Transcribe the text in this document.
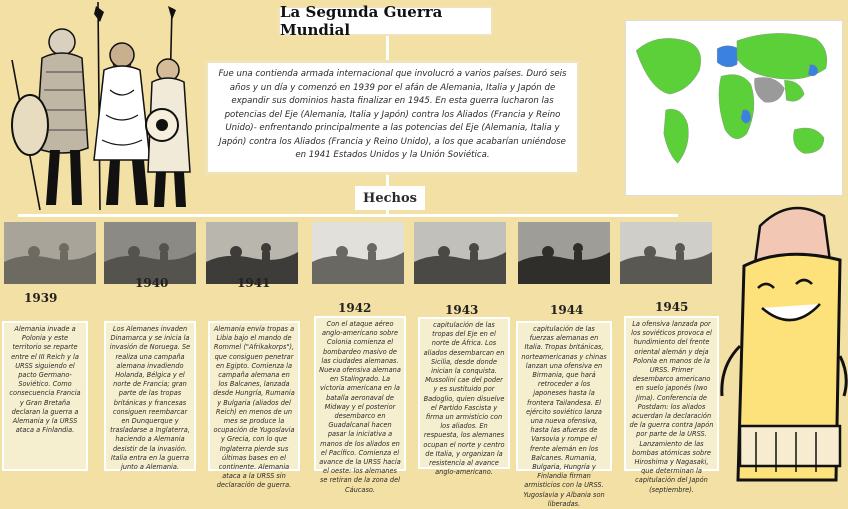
La Segunda Guerra Mundial
Fue una contienda armada internacional que involucró a varios países. Duró seis años y un día y comenzó en 1939 por el afán de Alemania, Italia y Japón de expandir sus dominios hasta finalizar en 1945. En esta guerra lucharon las potencias del Eje (Alemania, Italia y Japón) contra los Aliados (Francia y Reino Unido)- enfrentando principalmente a las potencias del Eje (Alemania, Italia y Japón) contra los Aliados (Francia y Reino Unido), a los que acabarían uniéndose en 1941 Estados Unidos y la Unión Soviética.
Hechos
1939
Alemania invade a Polonia y este territorio se reparte entre el III Reich y la URSS siguiendo el pacto Germano-Soviético. Como consecuencia Francia y Gran Bretaña declaran la guerra a Alemania y la URSS ataca a Finlandia.
1940
Los Alemanes invaden Dinamarca y se inicia la invasión de Noruega. Se realiza una campaña alemana invadiendo Holanda, Bélgica y el norte de Francia; gran parte de las tropas británicas y francesas consiguen reembarcar en Dunquerque y trasladarse a Inglaterra, haciendo a Alemania desistir de la invasión. Italia entra en la guerra junto a Alemania.
1941
Alemania envía tropas a Libia bajo el mando de Rommel ("Afrikakorps"), que consiguen penetrar en Egipto. Comienza la campaña alemana en los Balcanes, lanzada desde Hungría, Rumania y Bulgaria (aliados del Reich) en menos de un mes se produce la ocupación de Yugoslavia y Grecia, con lo que Inglaterra pierde sus últimas bases en el continente. Alemania ataca a la URSS sin declaración de guerra.
1942
Con el ataque aéreo anglo-americano sobre Colonia comienza el bombardeo masivo de las ciudades alemanas. Nueva ofensiva alemana en Stalingrado. La victoria americana en la batalla aeronaval de Midway y el posterior desembarco en Guadalcanal hacen pasar la iniciativa a manos de los aliados en el Pacífico. Comienza el avance de la URSS hacia el oeste: los alemanes se retiran de la zona del Cáucaso.
1943
capitulación de las tropas del Eje en el norte de África. Los aliados desembarcan en Sicilia, desde donde inician la conquista. Mussolini cae del poder y es sustituido por Badoglio, quien disuelve el Partido Fascista y firma un armisticio con los aliados. En respuesta, los alemanes ocupan el norte y centro de Italia, y organizan la resistencia al avance anglo-americano.
1944
capitulación de las fuerzas alemanas en Italia. Tropas británicas, norteamericanas y chinas lanzan una ofensiva en Birmania, que hará retroceder a los japoneses hasta la frontera Tailandesa. El ejército soviético lanza una nueva ofensiva, hasta las afueras de Varsovia y rompe el frente alemán en los Balcanes. Rumania, Bulgaria, Hungría y Finlandia firman armisticios con la URSS. Yugoslavia y Albania son liberadas.
1945
La ofensiva lanzada por los soviéticos provoca el hundimiento del frente oriental alemán y deja Polonia en manos de la URSS. Primer desembarco americano en suelo japonés (Iwo Jima). Conferencia de Postdam: los aliados acuerdan la declaración de la guerra contra Japón por parte de la URSS. Lanzamiento de las bombas atómicas sobre Hiroshima y Nagasaki, que determinan la capitulación del Japón (septiembre).
